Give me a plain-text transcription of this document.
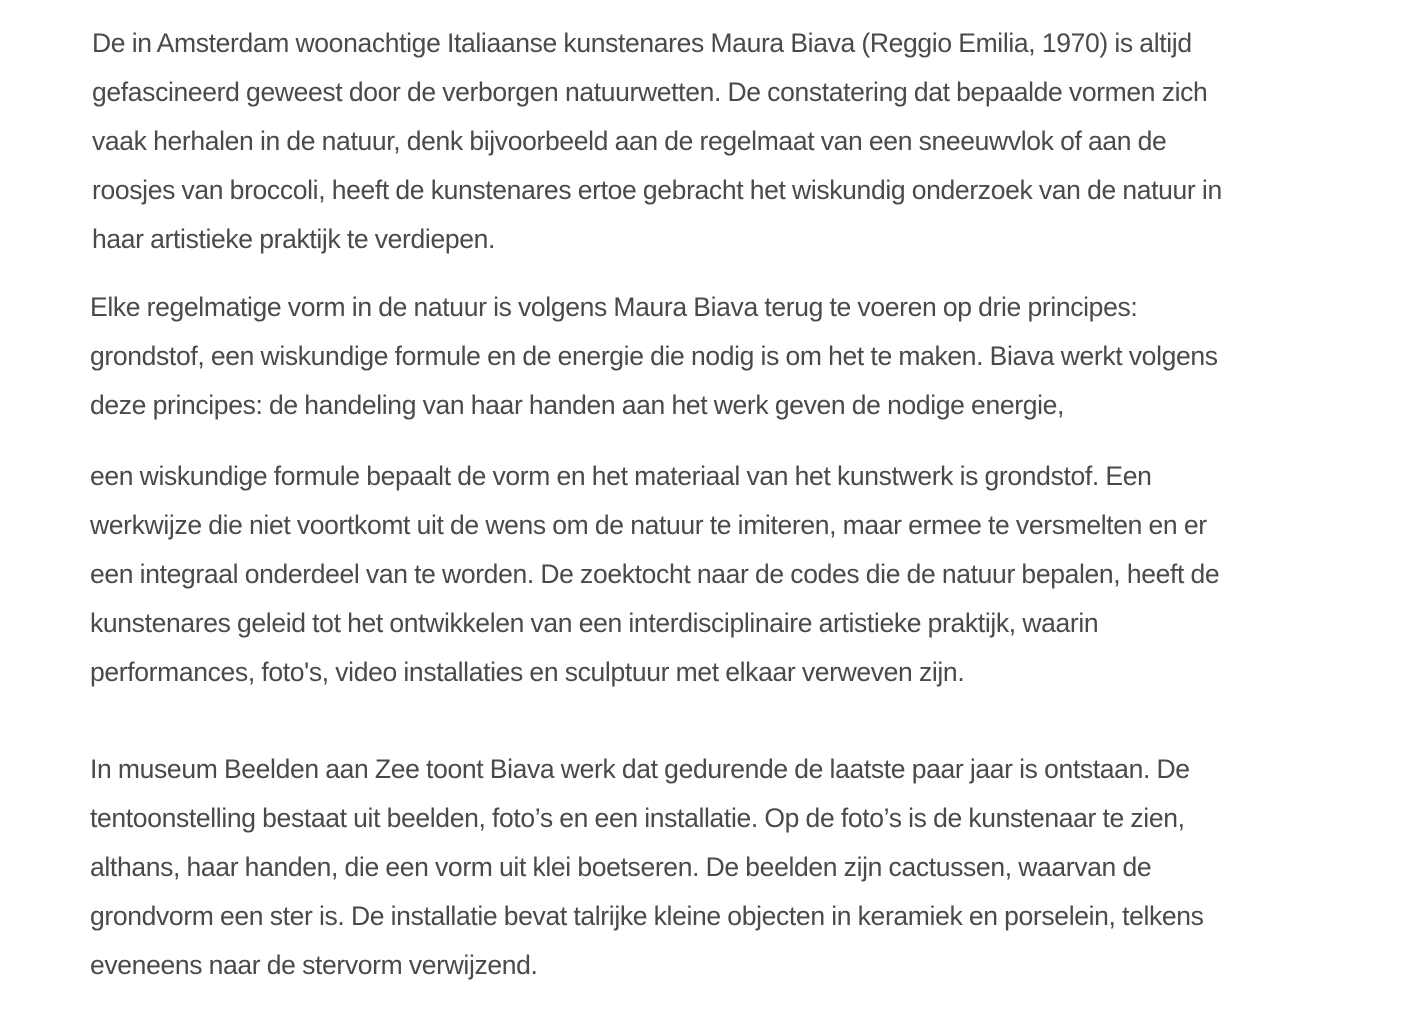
De in Amsterdam woonachtige Italiaanse kunstenares Maura Biava (Reggio Emilia, 1970) is altijd
gefascineerd geweest door de verborgen natuurwetten. De constatering dat bepaalde vormen zich
vaak herhalen in de natuur, denk bijvoorbeeld aan de regelmaat van een sneeuwvlok of aan de
roosjes van broccoli, heeft de kunstenares ertoe gebracht het wiskundig onderzoek van de natuur in
haar artistieke praktijk te verdiepen.

Elke regelmatige vorm in de natuur is volgens Maura Biava terug te voeren op drie principes:
grondstof, een wiskundige formule en de energie die nodig is om het te maken. Biava werkt volgens
deze principes: de handeling van haar handen aan het werk geven de nodige energie,

een wiskundige formule bepaalt de vorm en het materiaal van het kunstwerk is grondstof. Een
werkwijze die niet voortkomt uit de wens om de natuur te imiteren, maar ermee te versmelten en er
een integraal onderdeel van te worden. De zoektocht naar de codes die de natuur bepalen, heeft de
kunstenares geleid tot het ontwikkelen van een interdisciplinaire artistieke praktijk, waarin
performances, foto's, video installaties en sculptuur met elkaar verweven zijn.

In museum Beelden aan Zee toont Biava werk dat gedurende de laatste paar jaar is ontstaan. De
tentoonstelling bestaat uit beelden, foto’s en een installatie. Op de foto’s is de kunstenaar te zien,
althans, haar handen, die een vorm uit klei boetseren. De beelden zijn cactussen, waarvan de
grondvorm een ster is. De installatie bevat talrijke kleine objecten in keramiek en porselein, telkens
eveneens naar de stervorm verwijzend.
